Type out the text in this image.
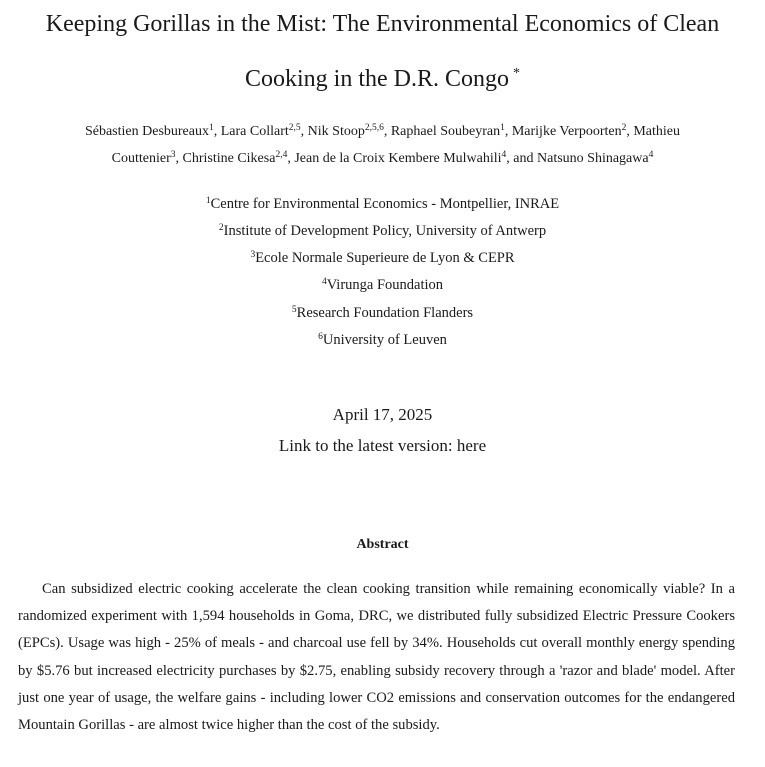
Keeping Gorillas in the Mist: The Environmental Economics of Clean
Cooking in the D.R. Congo *
Sébastien Desbureaux$^1$, Lara Collart$^{2,5}$, Nik Stoop$^{2,5,6}$, Raphael Soubeyran$^1$, Marijke Verpoorten$^2$, Mathieu
Couttenier$^3$, Christine Cikesa$^{2,4}$, Jean de la Croix Kembere Mulwahili$^4$, and Natsuno Shinagawa$^4$
$^1$Centre for Environmental Economics - Montpellier, INRAE
$^2$Institute of Development Policy, University of Antwerp
$^3$Ecole Normale Superieure de Lyon & CEPR
$^4$Virunga Foundation
$^5$Research Foundation Flanders
$^6$University of Leuven
April 17, 2025
Link to the latest version: here
Abstract
Can subsidized electric cooking accelerate the clean cooking transition while remaining economically viable? In a randomized experiment with 1,594 households in Goma, DRC, we distributed fully subsidized Electric Pressure Cookers (EPCs). Usage was high - 25% of meals - and charcoal use fell by 34%. Households cut overall monthly energy spending by $5.76 but increased electricity purchases by $2.75, enabling subsidy recovery through a 'razor and blade' model. After just one year of usage, the welfare gains - including lower CO2 emissions and conservation outcomes for the endangered Mountain Gorillas - are almost twice higher than the cost of the subsidy.
